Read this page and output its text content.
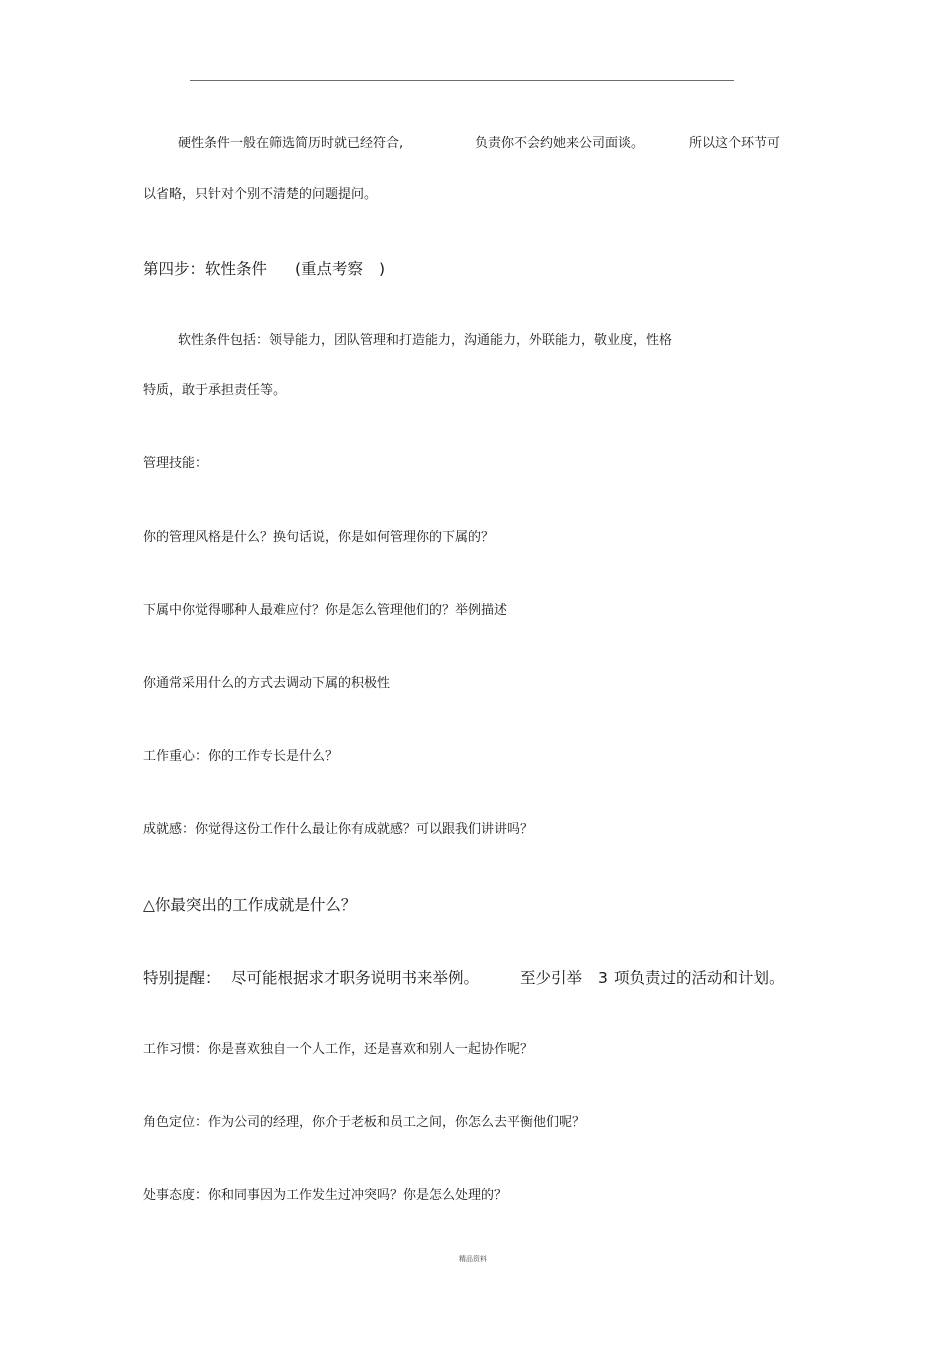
硬性条件一般在筛选简历时就已经符合,	负责你不会约她来公司面谈。	所以这个环节可
以省略，只针对个别不清楚的问题提问。
第四步：软性条件 (重点考察 )
软性条件包括：领导能力，团队管理和打造能力，沟通能力，外联能力，敬业度，性格
特质，敢于承担责任等。
管理技能：
你的管理风格是什么？换句话说，你是如何管理你的下属的？
下属中你觉得哪种人最难应付？你是怎么管理他们的？举例描述
你通常采用什么的方式去调动下属的积极性
工作重心：你的工作专长是什么？
成就感：你觉得这份工作什么最让你有成就感？可以跟我们讲讲吗？
△你最突出的工作成就是什么？
特别提醒： 尽可能根据求才职务说明书来举例。	至少引举 3 项负责过的活动和计划。
工作习惯：你是喜欢独自一个人工作，还是喜欢和别人一起协作呢？
角色定位：作为公司的经理，你介于老板和员工之间，你怎么去平衡他们呢？
处事态度：你和同事因为工作发生过冲突吗？你是怎么处理的？
精品资料
